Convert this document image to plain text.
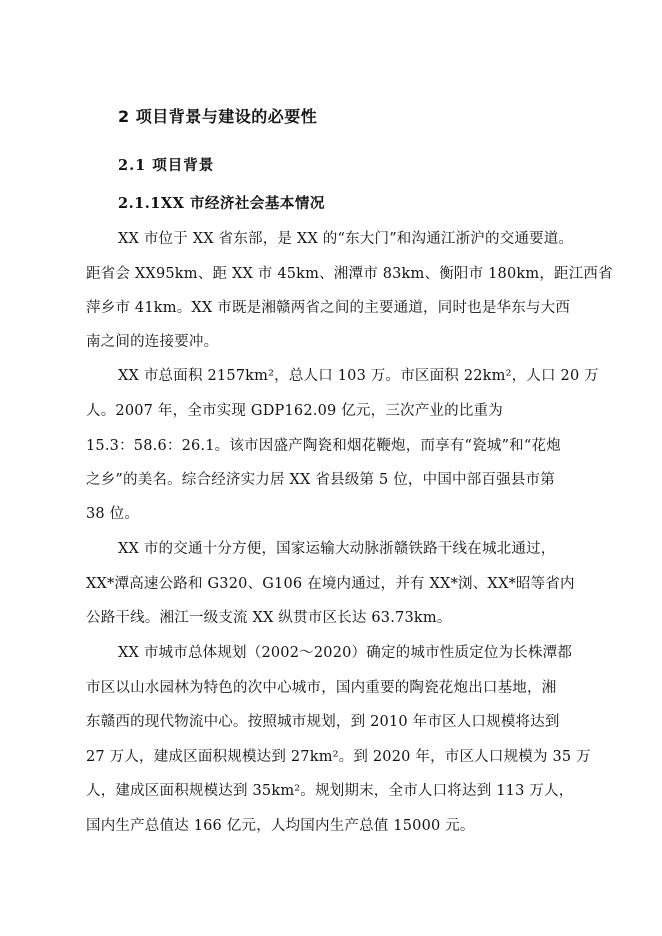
2 项目背景与建设的必要性
2.1 项目背景
2.1.1XX 市经济社会基本情况
XX 市位于 XX 省东部，是 XX 的“东大门”和沟通江浙沪的交通要道。
距省会 XX95km、距 XX 市 45km、湘潭市 83km、衡阳市 180km，距江西省
萍乡市 41km。XX 市既是湘赣两省之间的主要通道，同时也是华东与大西
南之间的连接要冲。
XX 市总面积 2157km²，总人口 103 万。市区面积 22km²，人口 20 万
人。2007 年，全市实现 GDP162.09 亿元，三次产业的比重为
15.3：58.6：26.1。该市因盛产陶瓷和烟花鞭炮，而享有“瓷城”和“花炮
之乡”的美名。综合经济实力居 XX 省县级第 5 位，中国中部百强县市第
38 位。
XX 市的交通十分方便，国家运输大动脉浙赣铁路干线在城北通过，
XX*潭高速公路和 G320、G106 在境内通过，并有 XX*浏、XX*昭等省内
公路干线。湘江一级支流 XX 纵贯市区长达 63.73km。
XX 市城市总体规划（2002～2020）确定的城市性质定位为长株潭都
市区以山水园林为特色的次中心城市，国内重要的陶瓷花炮出口基地，湘
东赣西的现代物流中心。按照城市规划，到 2010 年市区人口规模将达到
27 万人，建成区面积规模达到 27km²。到 2020 年，市区人口规模为 35 万
人，建成区面积规模达到 35km²。规划期末，全市人口将达到 113 万人，
国内生产总值达 166 亿元，人均国内生产总值 15000 元。
